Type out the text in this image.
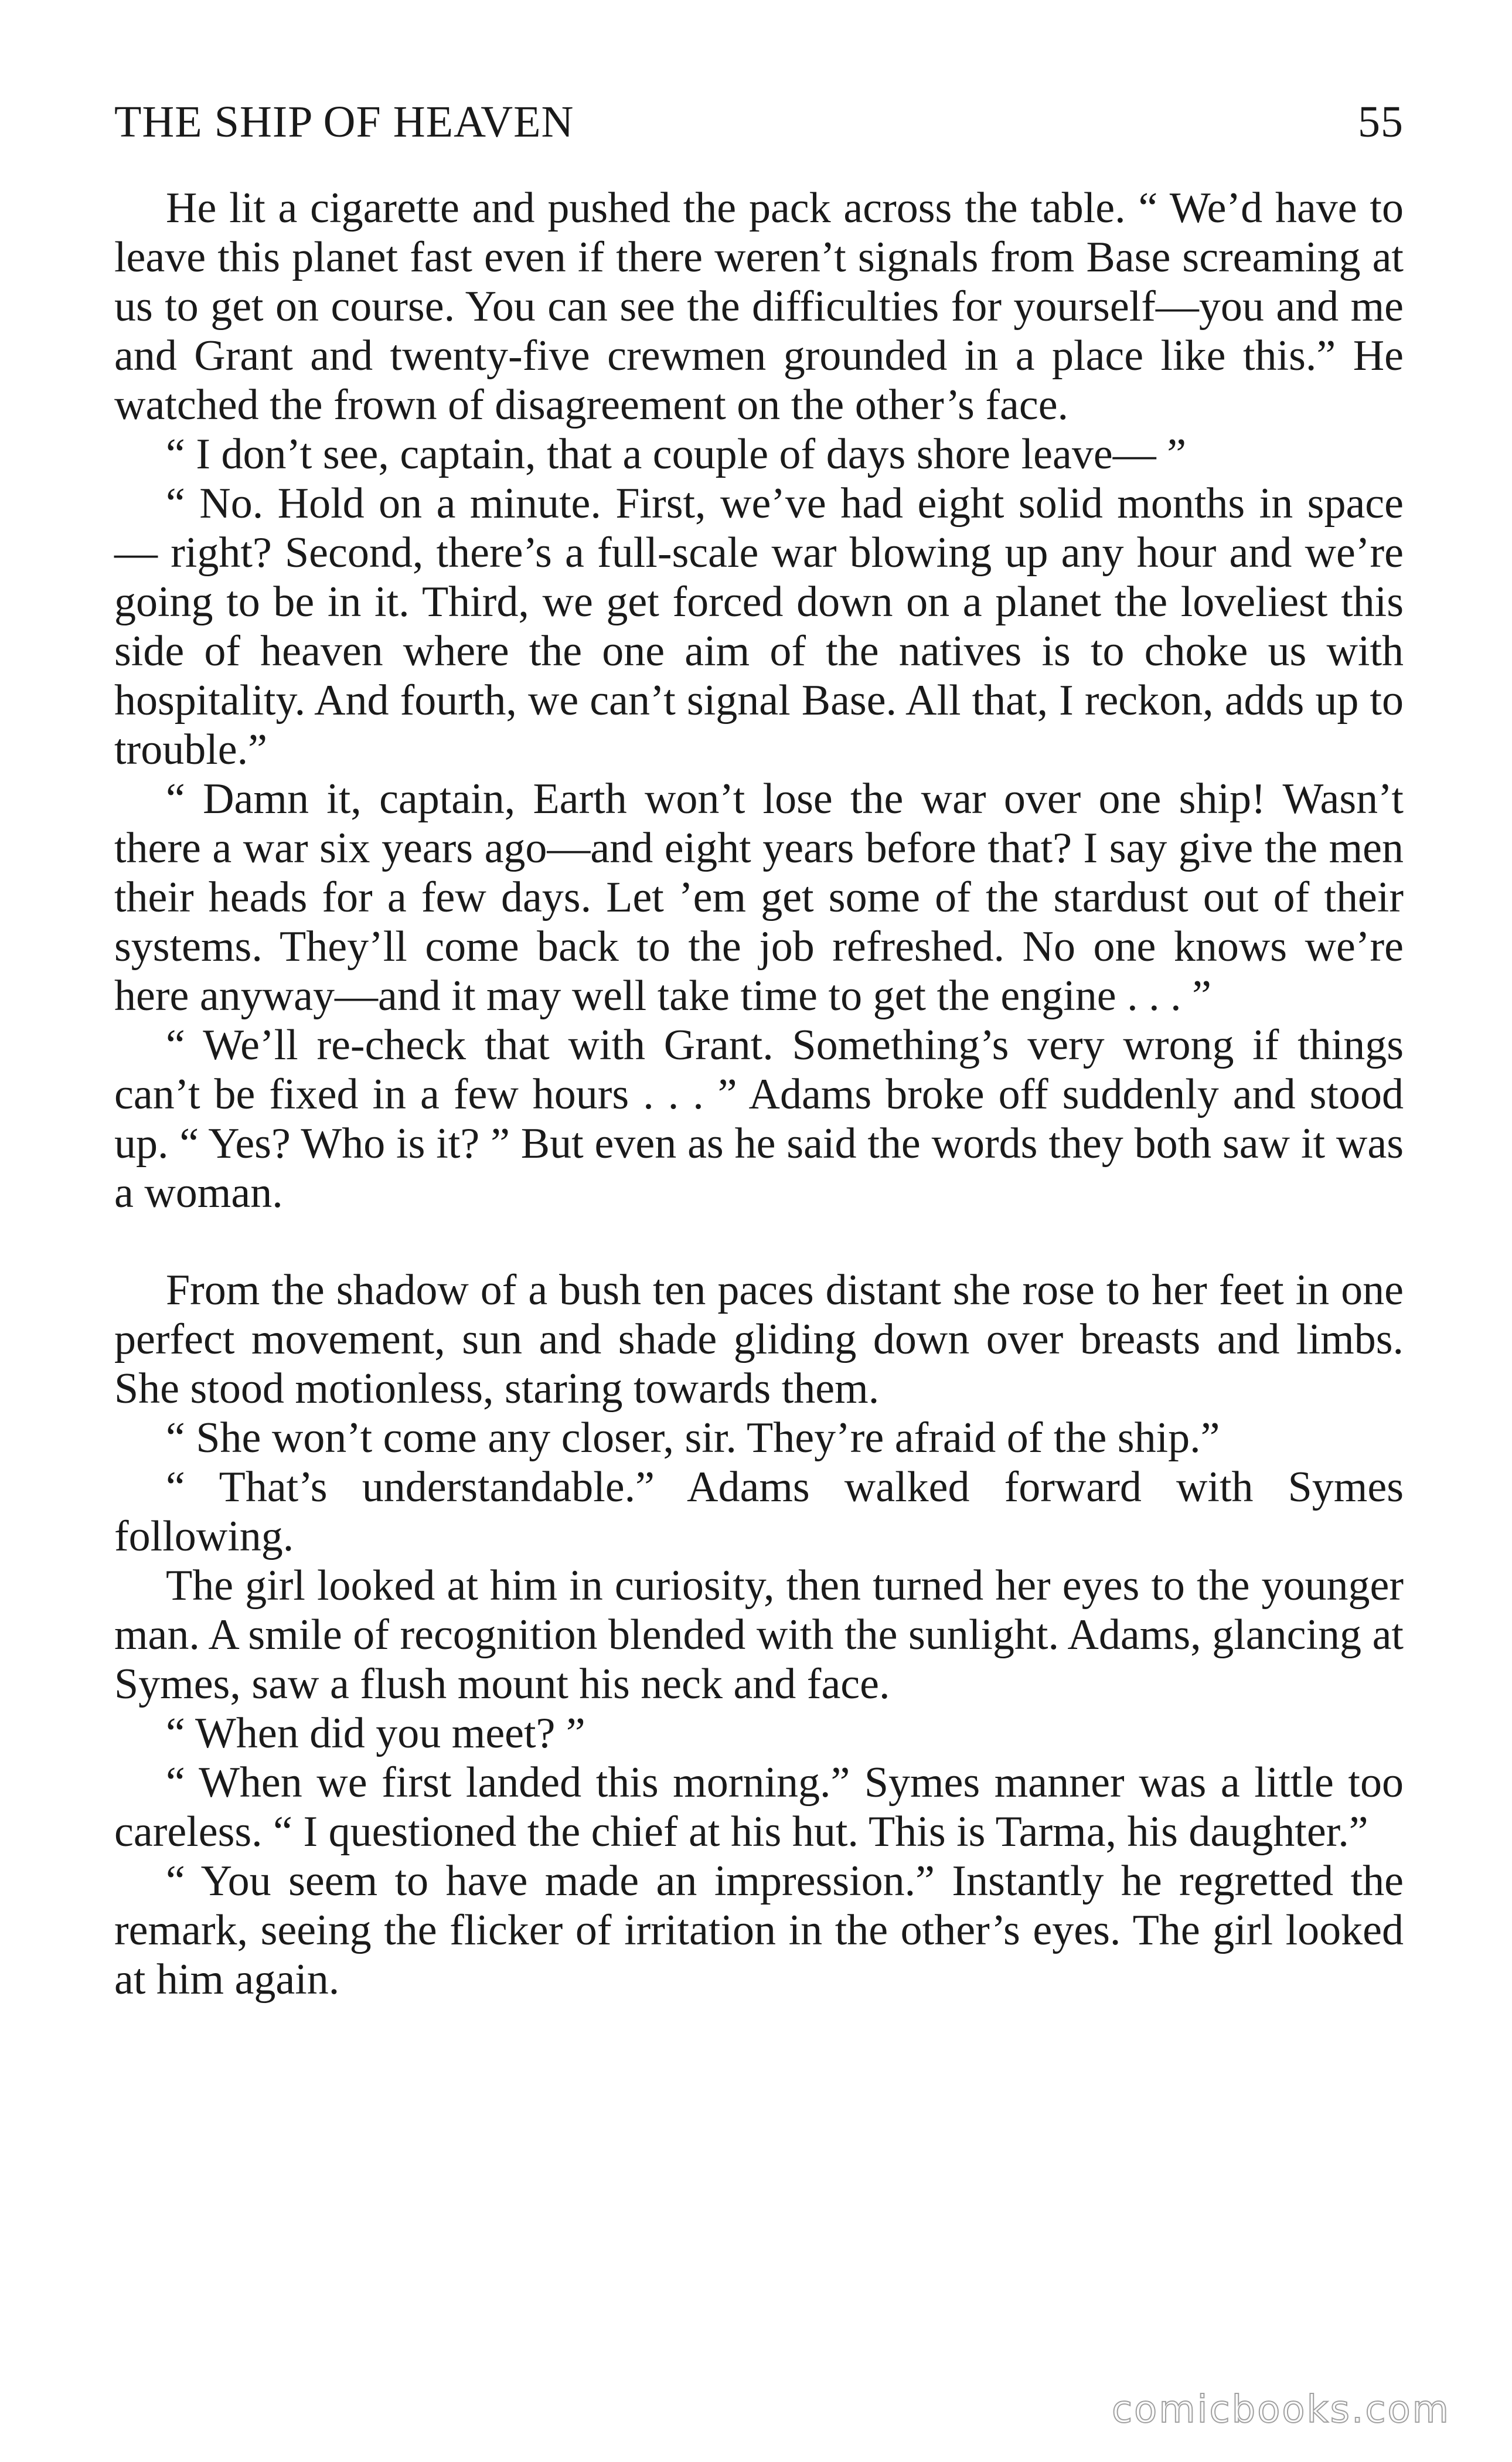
THE SHIP OF HEAVEN	55

He lit a cigarette and pushed the pack across the table. “ We’d have to leave this planet fast even if there weren’t signals from Base screaming at us to get on course. You can see the difficulties for yourself—you and me and Grant and twenty-five crewmen grounded in a place like this.” He watched the frown of disagreement on the other’s face.

“ I don’t see, captain, that a couple of days shore leave— ”

“ No. Hold on a minute. First, we’ve had eight solid months in space — right? Second, there’s a full-scale war blowing up any hour and we’re going to be in it. Third, we get forced down on a planet the loveliest this side of heaven where the one aim of the natives is to choke us with hospitality. And fourth, we can’t signal Base. All that, I reckon, adds up to trouble.”

“ Damn it, captain, Earth won’t lose the war over one ship! Wasn’t there a war six years ago—and eight years before that? I say give the men their heads for a few days. Let ’em get some of the stardust out of their systems. They’ll come back to the job refreshed. No one knows we’re here anyway—and it may well take time to get the engine . . . ”

“ We’ll re-check that with Grant. Something’s very wrong if things can’t be fixed in a few hours . . . ” Adams broke off suddenly and stood up. “ Yes? Who is it? ” But even as he said the words they both saw it was a woman.

From the shadow of a bush ten paces distant she rose to her feet in one perfect movement, sun and shade gliding down over breasts and limbs. She stood motionless, staring towards them.

“ She won’t come any closer, sir. They’re afraid of the ship.”

“ That’s understandable.” Adams walked forward with Symes following.

The girl looked at him in curiosity, then turned her eyes to the younger man. A smile of recognition blended with the sunlight. Adams, glancing at Symes, saw a flush mount his neck and face.

“ When did you meet? ”

“ When we first landed this morning.” Symes manner was a little too careless. “ I questioned the chief at his hut. This is Tarma, his daughter.”

“ You seem to have made an impression.” Instantly he regretted the remark, seeing the flicker of irritation in the other’s eyes. The girl looked at him again.

comicbooks.com
